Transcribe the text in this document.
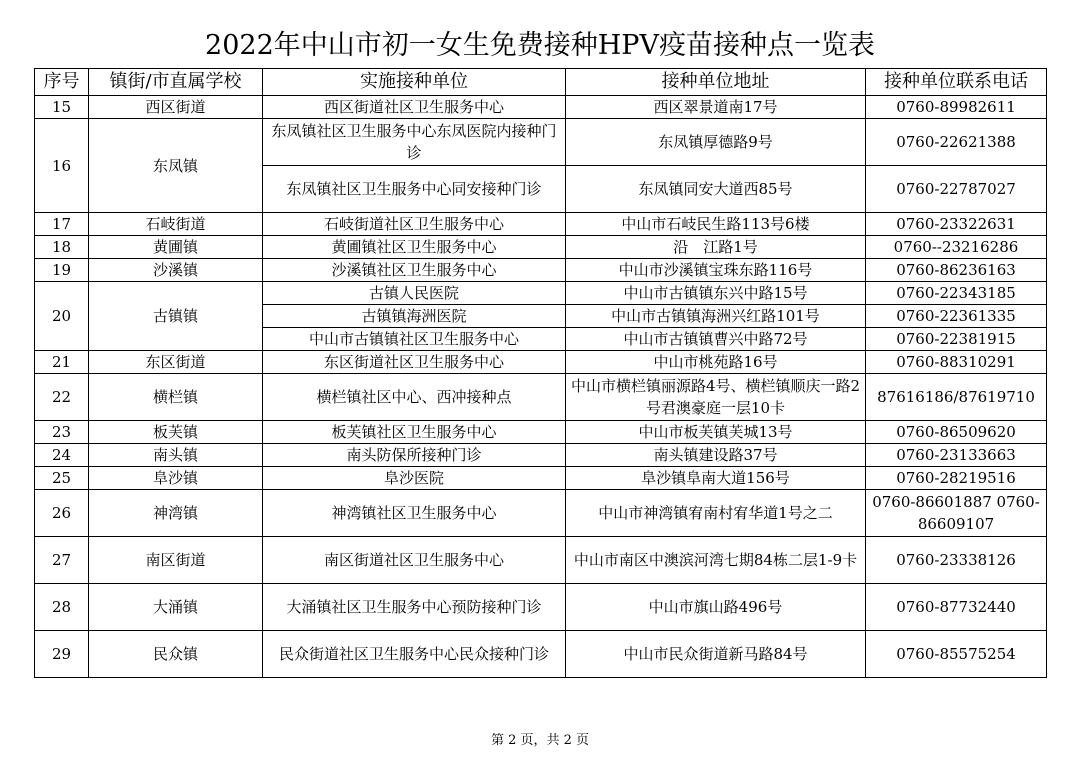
2022年中山市初一女生免费接种HPV疫苗接种点一览表
序号	镇街/市直属学校	实施接种单位	接种单位地址	接种单位联系电话
15	西区街道	西区街道社区卫生服务中心	西区翠景道南17号	0760-89982611
16	东凤镇	东凤镇社区卫生服务中心东凤医院内接种门诊	东凤镇厚德路9号	0760-22621388
		东凤镇社区卫生服务中心同安接种门诊	东凤镇同安大道西85号	0760-22787027
17	石岐街道	石岐街道社区卫生服务中心	中山市石岐民生路113号6楼	0760-23322631
18	黄圃镇	黄圃镇社区卫生服务中心	沿　江路1号	0760--23216286
19	沙溪镇	沙溪镇社区卫生服务中心	中山市沙溪镇宝珠东路116号	0760-86236163
20	古镇镇	古镇人民医院	中山市古镇镇东兴中路15号	0760-22343185
		古镇镇海洲医院	中山市古镇镇海洲兴红路101号	0760-22361335
		中山市古镇镇社区卫生服务中心	中山市古镇镇曹兴中路72号	0760-22381915
21	东区街道	东区街道社区卫生服务中心	中山市桃苑路16号	0760-88310291
22	横栏镇	横栏镇社区中心、西冲接种点	中山市横栏镇丽源路4号、横栏镇顺庆一路2号君澳豪庭一层10卡	87616186/87619710
23	板芙镇	板芙镇社区卫生服务中心	中山市板芙镇芙城13号	0760-86509620
24	南头镇	南头防保所接种门诊	南头镇建设路37号	0760-23133663
25	阜沙镇	阜沙医院	阜沙镇阜南大道156号	0760-28219516
26	神湾镇	神湾镇社区卫生服务中心	中山市神湾镇宥南村宥华道1号之二	0760-86601887 0760-86609107
27	南区街道	南区街道社区卫生服务中心	中山市南区中澳滨河湾七期84栋二层1-9卡	0760-23338126
28	大涌镇	大涌镇社区卫生服务中心预防接种门诊	中山市旗山路496号	0760-87732440
29	民众镇	民众街道社区卫生服务中心民众接种门诊	中山市民众街道新马路84号	0760-85575254
第 2 页，共 2 页
